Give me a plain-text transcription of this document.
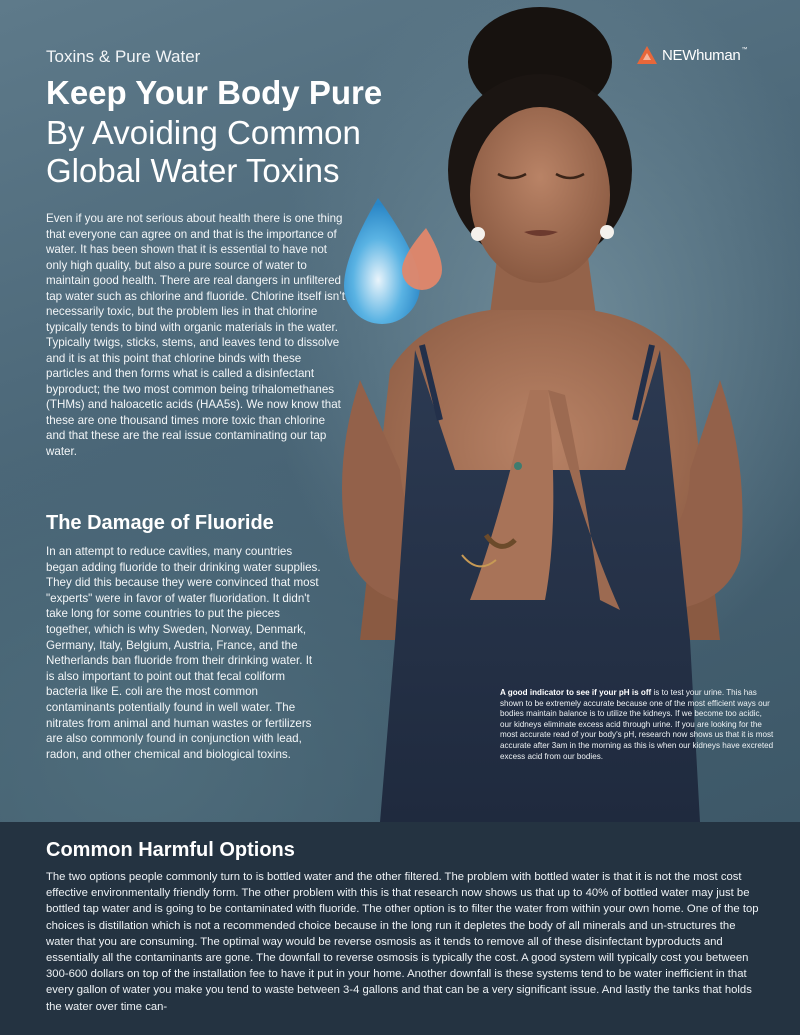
Toxins & Pure Water
Keep Your Body Pure
By Avoiding Common Global Water Toxins
NEWhuman™

Even if you are not serious about health there is one thing that everyone can agree on and that is the importance of water. It has been shown that it is essential to have not only high quality, but also a pure source of water to maintain good health. There are real dangers in unfiltered tap water such as chlorine and fluoride. Chlorine itself isn’t necessarily toxic, but the problem lies in that chlorine typically tends to bind with organic materials in the water. Typically twigs, sticks, stems, and leaves tend to dissolve and it is at this point that chlorine binds with these particles and then forms what is called a disinfectant byproduct; the two most common being trihalomethanes (THMs) and haloacetic acids (HAA5s). We now know that these are one thousand times more toxic than chlorine and that these are the real issue contaminating our tap water.

The Damage of Fluoride

In an attempt to reduce cavities, many countries began adding fluoride to their drinking water supplies. They did this because they were convinced that most "experts" were in favor of water fluoridation. It didn't take long for some countries to put the pieces together, which is why Sweden, Norway, Denmark, Germany, Italy, Belgium, Austria, France, and the Netherlands ban fluoride from their drinking water. It is also important to point out that fecal coliform bacteria like E. coli are the most common contaminants potentially found in well water. The nitrates from animal and human wastes or fertilizers are also commonly found in conjunction with lead, radon, and other chemical and biological toxins.

A good indicator to see if your pH is off is to test your urine. This has shown to be extremely accurate because one of the most efficient ways our bodies maintain balance is to utilize the kidneys. If we become too acidic, our kidneys eliminate excess acid through urine. If you are looking for the most accurate read of your body's pH, research now shows us that it is most accurate after 3am in the morning as this is when our kidneys have excreted excess acid from our bodies.

Common Harmful Options

The two options people commonly turn to is bottled water and the other filtered. The problem with bottled water is that it is not the most cost effective environmentally friendly form. The other problem with this is that research now shows us that up to 40% of bottled water may just be bottled tap water and is going to be contaminated with fluoride. The other option is to filter the water from within your own home. One of the top choices is distillation which is not a recommended choice because in the long run it depletes the body of all minerals and un-structures the water that you are consuming. The optimal way would be reverse osmosis as it tends to remove all of these disinfectant byproducts and essentially all the contaminants are gone. The downfall to reverse osmosis is typically the cost. A good system will typically cost you between 300-600 dollars on top of the installation fee to have it put in your home. Another downfall is these systems tend to be water inefficient in that every gallon of water you make you tend to waste between 3-4 gallons and that can be a very significant issue. And lastly the tanks that holds the water over time can-
